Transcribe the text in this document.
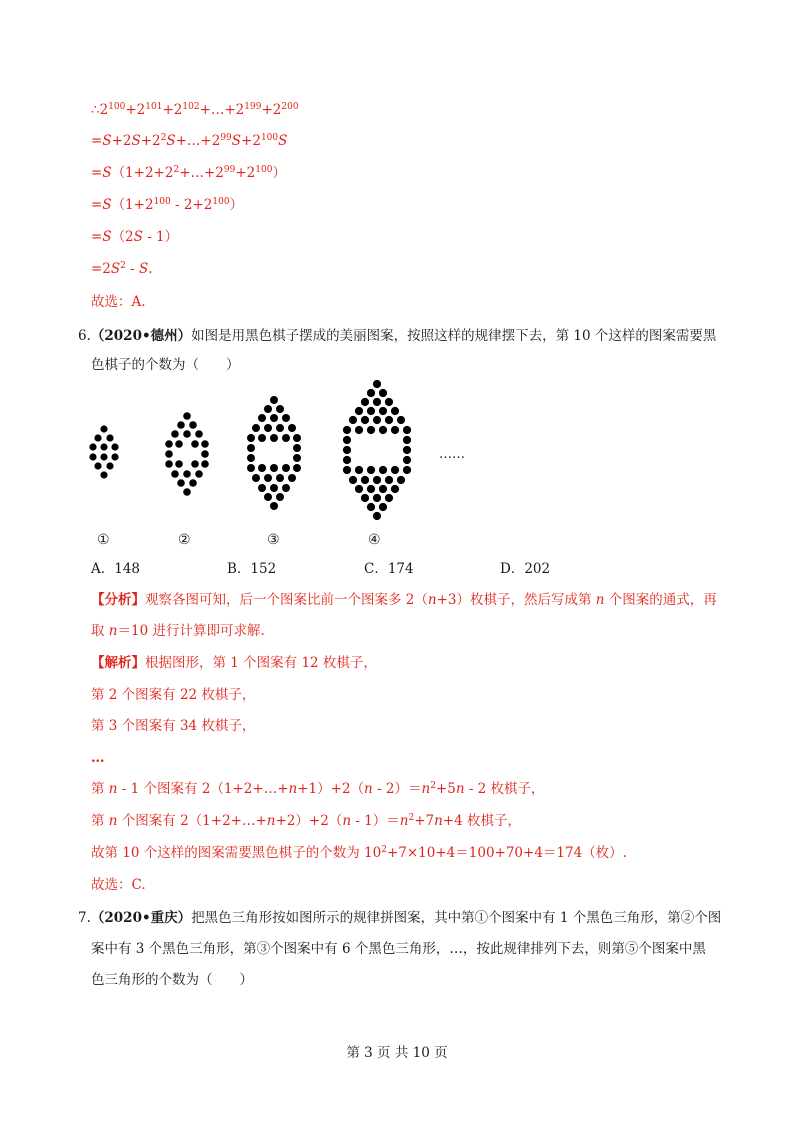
$\therefore 2^{100}+2^{101}+2^{102}+\dots+2^{199}+2^{200}$
$=S+2S+2^2S+\dots+2^{99}S+2^{100}S$
$=S(1+2+2^2+\dots+2^{99}+2^{100})$
$=S(1+2^{100} - 2+2^{100})$
=S（2S - 1）
$=2S^2 - S$.
故选：A.
6.（2020•德州）如图是用黑色棋子摆成的美丽图案，按照这样的规律摆下去，第 10 个这样的图案需要黑
色棋子的个数为（　　）
……
①	②	③	④
A．148	B．152	C．174	D．202
【分析】观察各图可知，后一个图案比前一个图案多 2（n+3）枚棋子，然后写成第 n 个图案的通式，再
取 n＝10 进行计算即可求解.
【解析】根据图形，第 1 个图案有 12 枚棋子，
第 2 个图案有 22 枚棋子，
第 3 个图案有 34 枚棋子，
…
第 n - 1 个图案有 2（1+2+…+n+1）+2（n - $2)=n^2+5n - 2$ 枚棋子，
第 n 个图案有 2（1+2+…+n+2）+2（n - $1)=n^2+7n+4$ 枚棋子，
故第 10 个这样的图案需要黑色棋子的个数为 $10^2+7\times 10+4=100+70+4=174$（枚）.
故选：C.
7.（2020•重庆）把黑色三角形按如图所示的规律拼图案，其中第①个图案中有 1 个黑色三角形，第②个图
案中有 3 个黑色三角形，第③个图案中有 6 个黑色三角形，…，按此规律排列下去，则第⑤个图案中黑
色三角形的个数为（　　）
第 3 页 共 10 页
